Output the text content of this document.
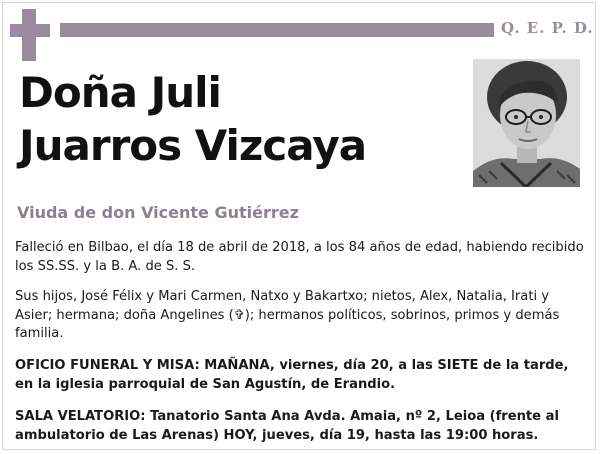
Q. E. P. D.
Doña Juli
Juarros Vizcaya
Viuda de don Vicente Gutiérrez

Falleció en Bilbao, el día 18 de abril de 2018, a los 84 años de edad, habiendo recibido los SS.SS. y la B. A. de S. S.

Sus hijos, José Félix y Mari Carmen, Natxo y Bakartxo; nietos, Alex, Natalia, Irati y Asier; hermana; doña Angelines (✞); hermanos políticos, sobrinos, primos y demás familia.

OFICIO FUNERAL Y MISA: MAÑANA, viernes, día 20, a las SIETE de la tarde, en la iglesia parroquial de San Agustín, de Erandio.

SALA VELATORIO: Tanatorio Santa Ana Avda. Amaia, nº 2, Leioa (frente al ambulatorio de Las Arenas) HOY, jueves, día 19, hasta las 19:00 horas.
